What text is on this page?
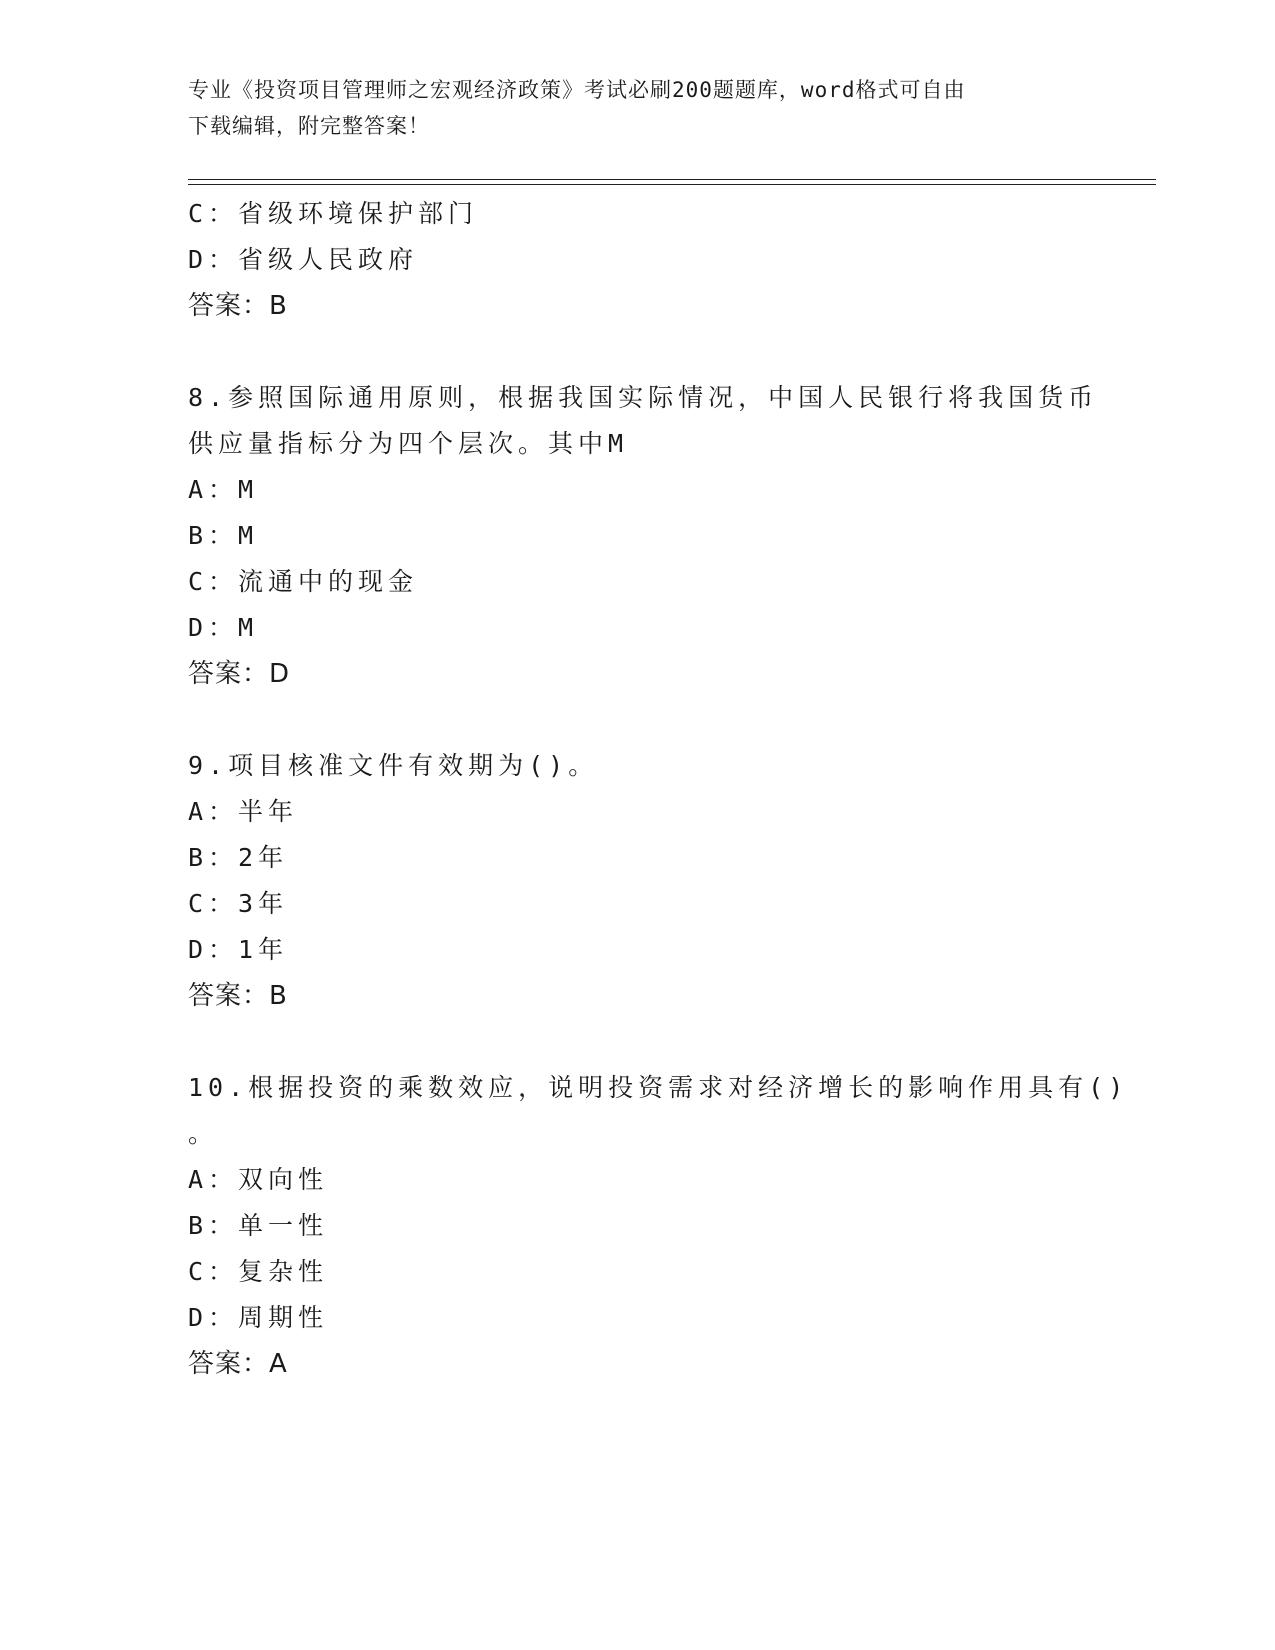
专业《投资项目管理师之宏观经济政策》考试必刷200题题库，word格式可自由
下载编辑，附完整答案！
C：省级环境保护部门
D：省级人民政府
答案：B
8.参照国际通用原则，根据我国实际情况，中国人民银行将我国货币
供应量指标分为四个层次。其中M
A：M
B：M
C：流通中的现金
D：M
答案：D
9.项目核准文件有效期为()。
A：半年
B：2年
C：3年
D：1年
答案：B
10.根据投资的乘数效应，说明投资需求对经济增长的影响作用具有()
。
A：双向性
B：单一性
C：复杂性
D：周期性
答案：A
